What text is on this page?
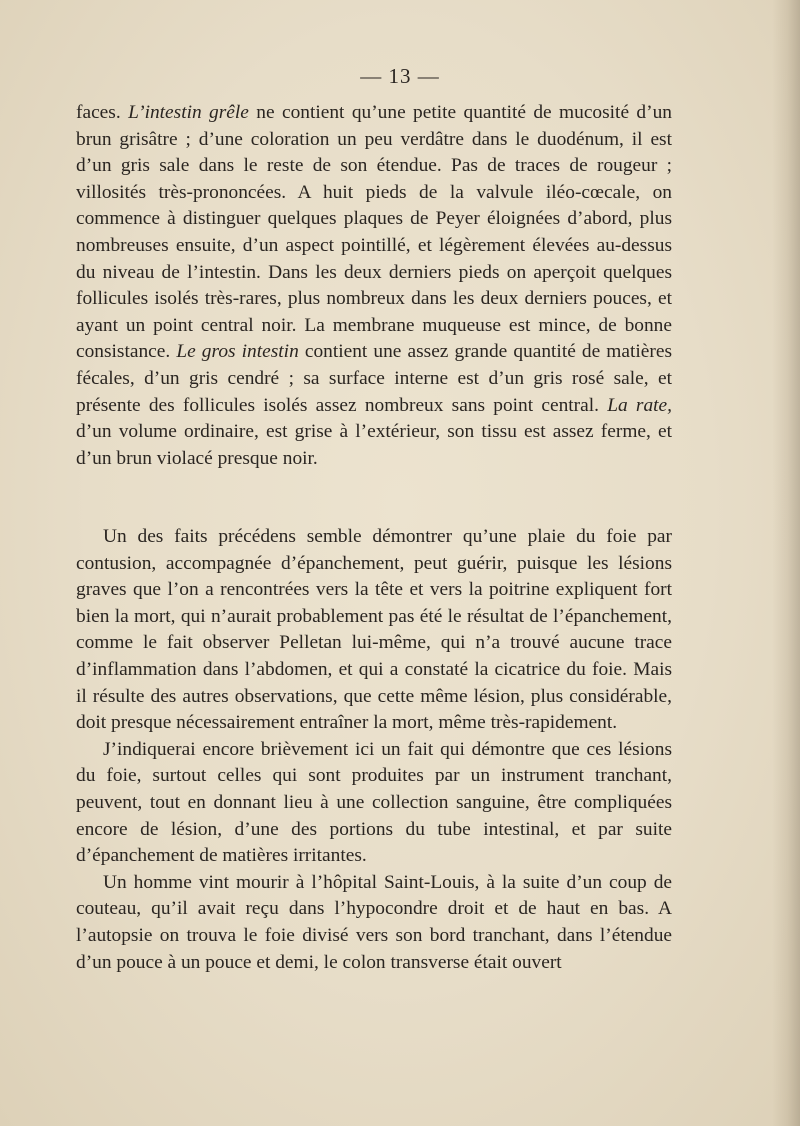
— 13 —

faces. L’intestin grêle ne contient qu’une petite quantité de mucosité d’un brun grisâtre ; d’une coloration un peu verdâtre dans le duodénum, il est d’un gris sale dans le reste de son étendue. Pas de traces de rougeur ; villosités très-prononcées. A huit pieds de la valvule iléo-cœcale, on commence à distinguer quelques plaques de Peyer éloignées d’abord, plus nombreuses ensuite, d’un aspect pointillé, et légèrement élevées au-dessus du niveau de l’intestin. Dans les deux derniers pieds on aperçoit quelques follicules isolés très-rares, plus nombreux dans les deux derniers pouces, et ayant un point central noir. La membrane muqueuse est mince, de bonne consistance. Le gros intestin contient une assez grande quantité de matières fécales, d’un gris cendré ; sa surface interne est d’un gris rosé sale, et présente des follicules isolés assez nombreux sans point central. La rate, d’un volume ordinaire, est grise à l’extérieur, son tissu est assez ferme, et d’un brun violacé presque noir.

Un des faits précédens semble démontrer qu’une plaie du foie par contusion, accompagnée d’épanchement, peut guérir, puisque les lésions graves que l’on a rencontrées vers la tête et vers la poitrine expliquent fort bien la mort, qui n’aurait probablement pas été le résultat de l’épanchement, comme le fait observer Pelletan lui-même, qui n’a trouvé aucune trace d’inflammation dans l’abdomen, et qui a constaté la cicatrice du foie. Mais il résulte des autres observations, que cette même lésion, plus considérable, doit presque nécessairement entraîner la mort, même très-rapidement.

J’indiquerai encore brièvement ici un fait qui démontre que ces lésions du foie, surtout celles qui sont produites par un instrument tranchant, peuvent, tout en donnant lieu à une collection sanguine, être compliquées encore de lésion, d’une des portions du tube intestinal, et par suite d’épanchement de matières irritantes.

Un homme vint mourir à l’hôpital Saint-Louis, à la suite d’un coup de couteau, qu’il avait reçu dans l’hypocondre droit et de haut en bas. A l’autopsie on trouva le foie divisé vers son bord tranchant, dans l’étendue d’un pouce à un pouce et demi, le colon transverse était ouvert
